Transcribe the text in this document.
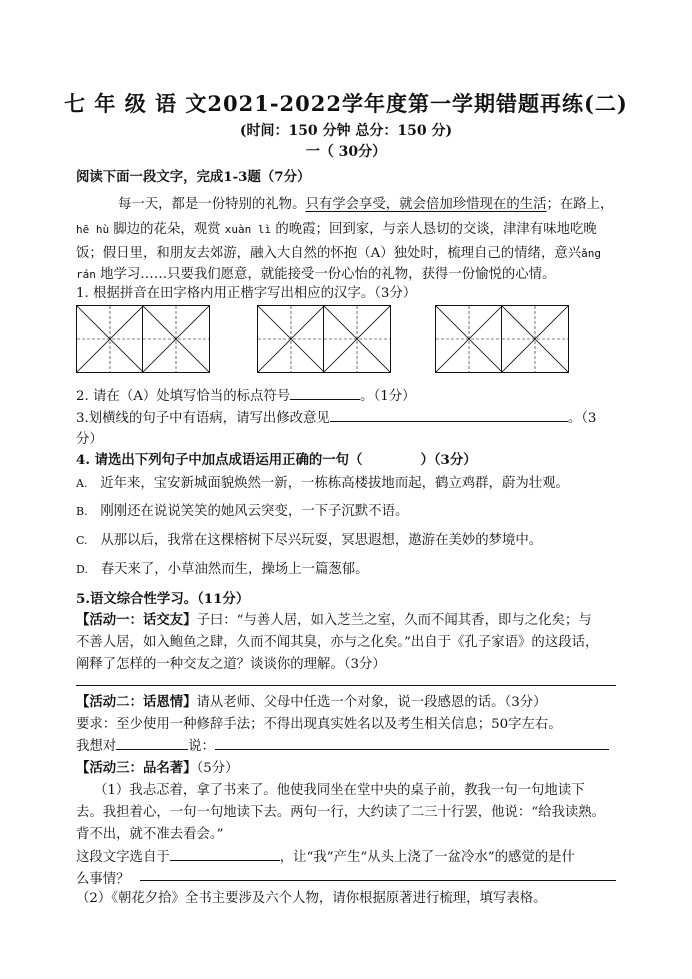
七 年 级 语 文2021-2022学年度第一学期错题再练(二)
(时间：150 分钟 总分：150 分)
一（ 30分）
阅读下面一段文字，完成1-3题（7分）
每一天，都是一份特别的礼物。只有学会享受，就会倍加珍惜现在的生活；在路上，
hē hù 脚边的花朵，观赏 xuàn lì 的晚霞；回到家，与亲人恳切的交谈，津津有味地吃晚
饭；假日里，和朋友去郊游，融入大自然的怀抱（A）独处时，梳理自己的情绪，意兴ǎng
rán 地学习……只要我们愿意，就能接受一份心怡的礼物，获得一份愉悦的心情。
1. 根据拼音在田字格内用正楷字写出相应的汉字。（3分）
2. 请在（A）处填写恰当的标点符号	。（1分）
3.划横线的句子中有语病，请写出修改意见	。（3
分）
4. 请选出下列句子中加点成语运用正确的一句（	）（3分）
A. 近年来，宝安新城面貌焕然一新，一栋栋高楼拔地而起，鹤立鸡群，蔚为壮观。
B. 刚刚还在说说笑笑的她风云突变，一下子沉默不语。
C. 从那以后，我常在这棵榕树下尽兴玩耍，冥思遐想，遨游在美妙的梦境中。
D. 春天来了，小草油然而生，操场上一篇葱郁。
5.语文综合性学习。（11分）
【活动一：话交友】子曰：“与善人居，如入芝兰之室，久而不闻其香，即与之化矣；与
不善人居，如入鲍鱼之肆，久而不闻其臭，亦与之化矣。”出自于《孔子家语》的这段话，
阐释了怎样的一种交友之道？谈谈你的理解。（3分）
【活动二：话恩情】请从老师、父母中任选一个对象，说一段感恩的话。（3分）
要求：至少使用一种修辞手法；不得出现真实姓名以及考生相关信息；50字左右。
我想对	说：
【活动三：品名著】（5分）
（1）我忐忑着，拿了书来了。他使我同坐在堂中央的桌子前，教我一句一句地读下
去。我担着心，一句一句地读下去。两句一行，大约读了二三十行罢，他说：“给我读熟。
背不出，就不准去看会。”
这段文字选自于	，让“我”产生“从头上浇了一盆冷水”的感觉的是什
么事情？
（2）《朝花夕拾》全书主要涉及六个人物，请你根据原著进行梳理，填写表格。
